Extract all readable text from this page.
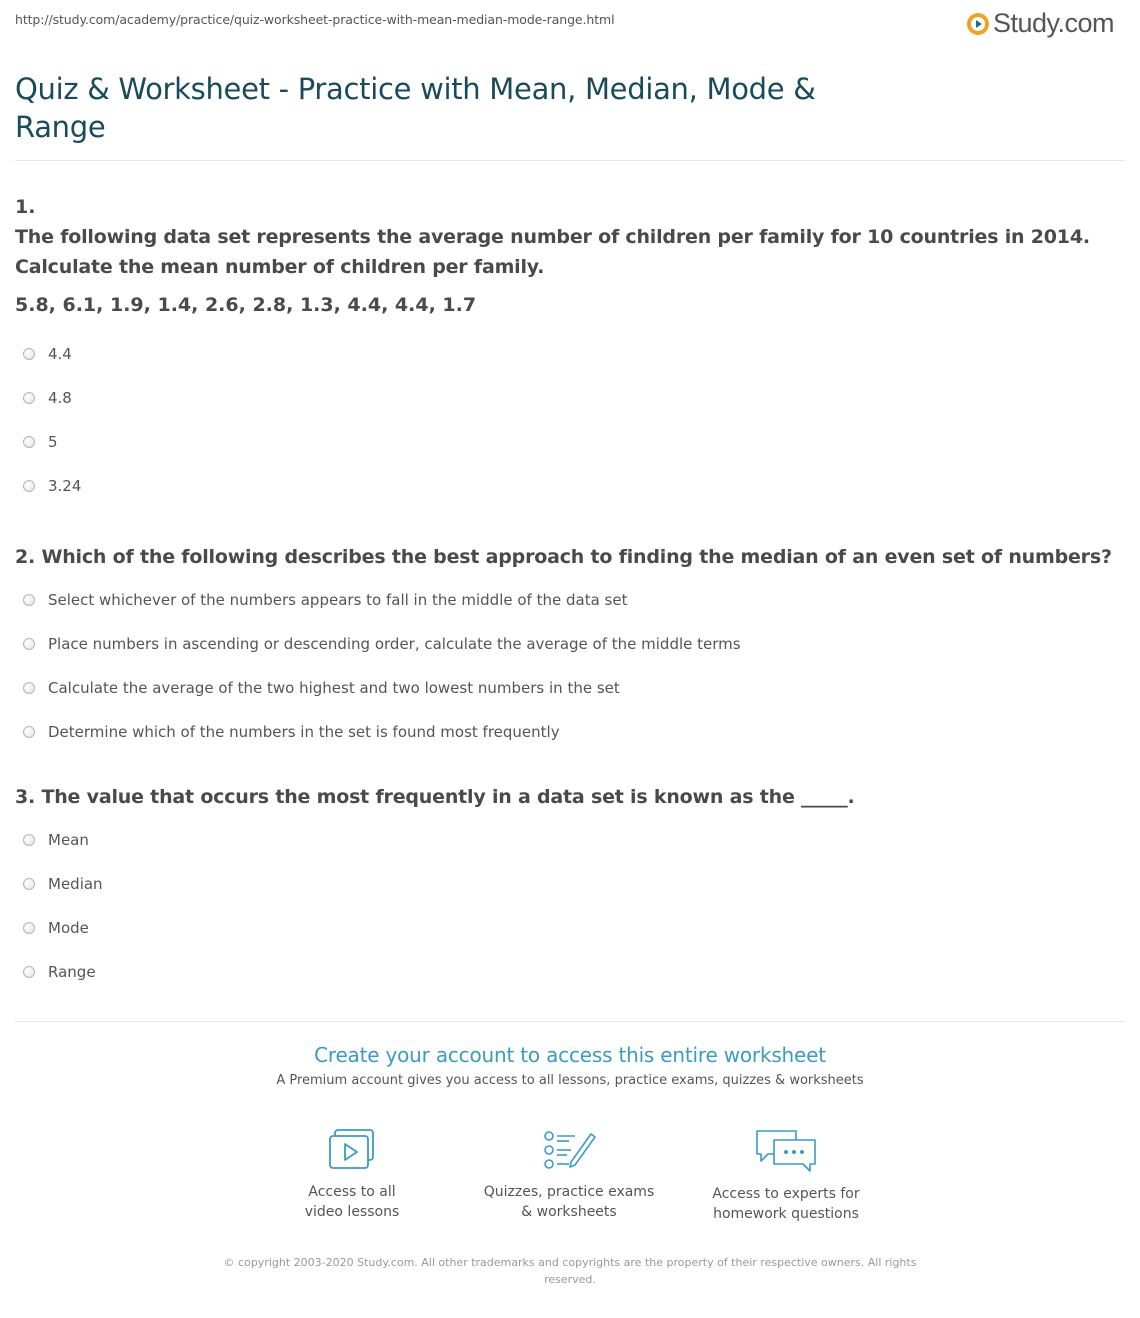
http://study.com/academy/practice/quiz-worksheet-practice-with-mean-median-mode-range.html	Study.com
Quiz & Worksheet - Practice with Mean, Median, Mode & Range
1.
The following data set represents the average number of children per family for 10 countries in 2014. Calculate the mean number of children per family.
5.8, 6.1, 1.9, 1.4, 2.6, 2.8, 1.3, 4.4, 4.4, 1.7
4.4
4.8
5
3.24
2. Which of the following describes the best approach to finding the median of an even set of numbers?
Select whichever of the numbers appears to fall in the middle of the data set
Place numbers in ascending or descending order, calculate the average of the middle terms
Calculate the average of the two highest and two lowest numbers in the set
Determine which of the numbers in the set is found most frequently
3. The value that occurs the most frequently in a data set is known as the _____.
Mean
Median
Mode
Range
Create your account to access this entire worksheet
A Premium account gives you access to all lessons, practice exams, quizzes & worksheets
Access to all
video lessons
Quizzes, practice exams
& worksheets
Access to experts for
homework questions
© copyright 2003-2020 Study.com. All other trademarks and copyrights are the property of their respective owners. All rights reserved.
